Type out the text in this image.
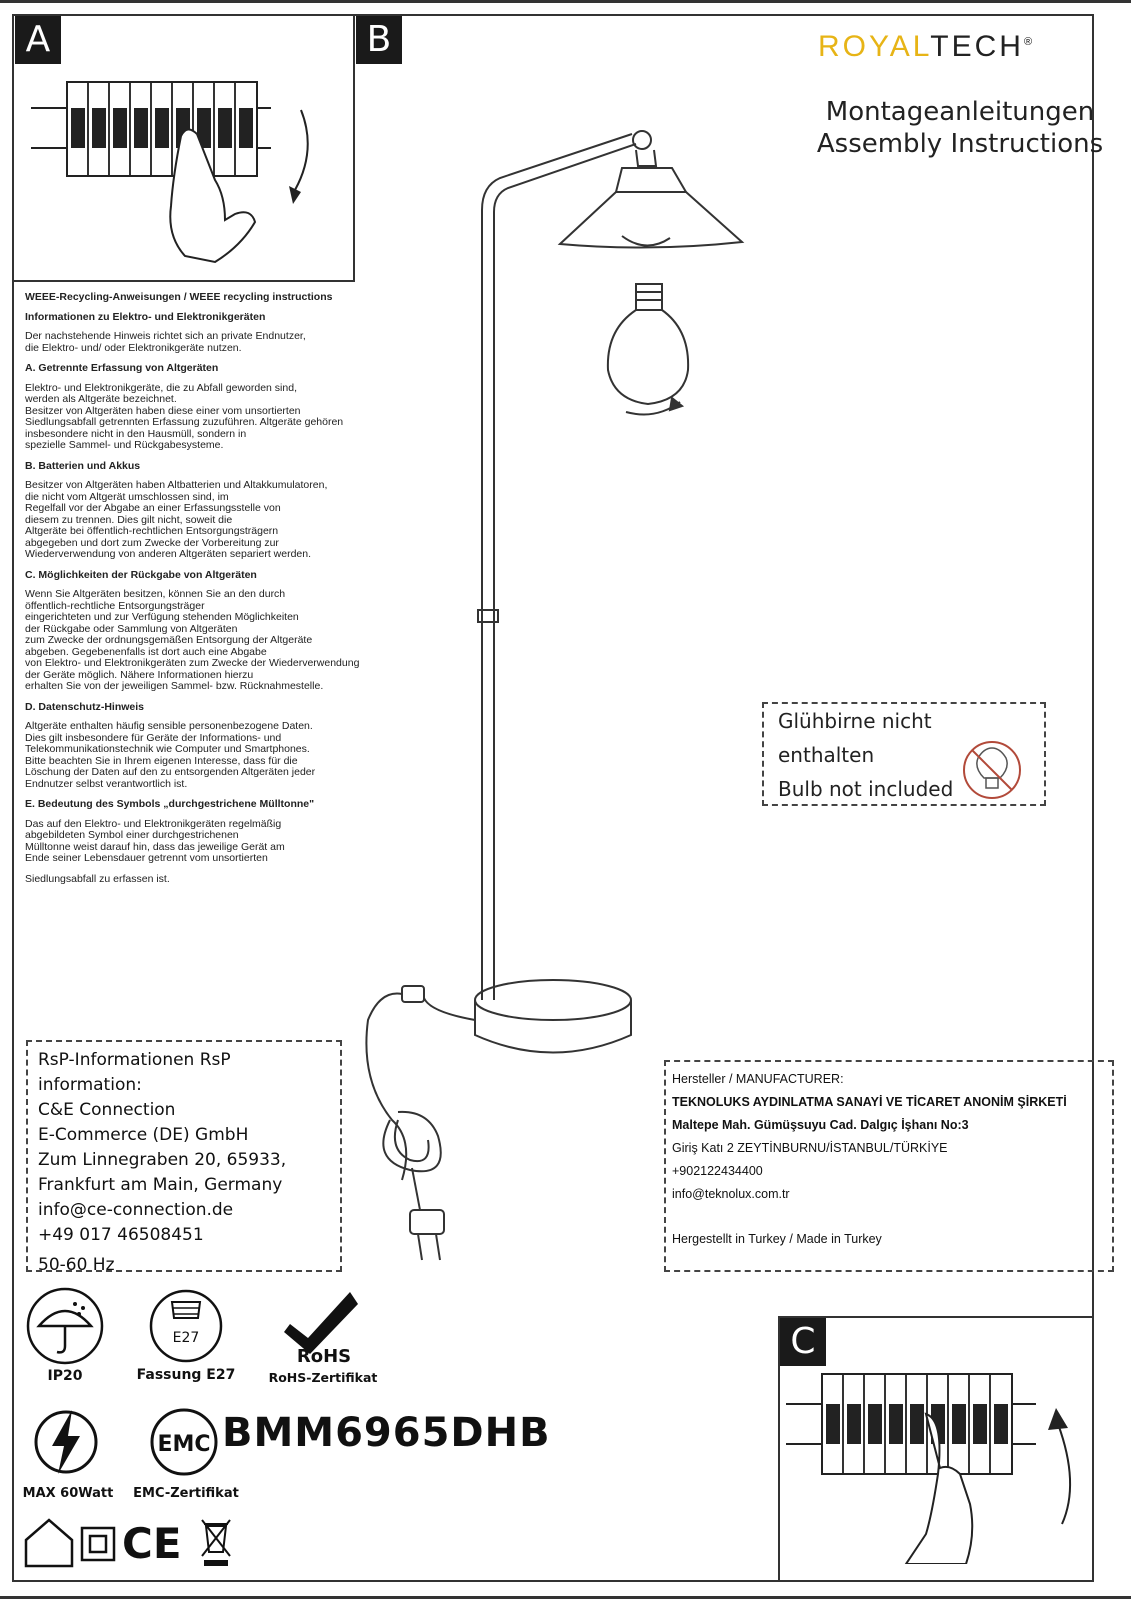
A	B	ROYALTECH®
Montageanleitungen
Assembly Instructions
WEEE-Recycling-Anweisungen / WEEE recycling instructions
Informationen zu Elektro- und Elektronikgeräten
Der nachstehende Hinweis richtet sich an private Endnutzer,
die Elektro- und/ oder Elektronikgeräte nutzen.
A. Getrennte Erfassung von Altgeräten
Elektro- und Elektronikgeräte, die zu Abfall geworden sind,
werden als Altgeräte bezeichnet.
Besitzer von Altgeräten haben diese einer vom unsortierten
Siedlungsabfall getrennten Erfassung zuzuführen. Altgeräte gehören
insbesondere nicht in den Hausmüll, sondern in
spezielle Sammel- und Rückgabesysteme.
B. Batterien und Akkus
Besitzer von Altgeräten haben Altbatterien und Altakkumulatoren,
die nicht vom Altgerät umschlossen sind, im
Regelfall vor der Abgabe an einer Erfassungsstelle von
diesem zu trennen. Dies gilt nicht, soweit die
Altgeräte bei öffentlich-rechtlichen Entsorgungsträgern
abgegeben und dort zum Zwecke der Vorbereitung zur
Wiederverwendung von anderen Altgeräten separiert werden.
C. Möglichkeiten der Rückgabe von Altgeräten
Wenn Sie Altgeräten besitzen, können Sie an den durch
öffentlich-rechtliche Entsorgungsträger
eingerichteten und zur Verfügung stehenden Möglichkeiten
der Rückgabe oder Sammlung von Altgeräten
zum Zwecke der ordnungsgemäßen Entsorgung der Altgeräte
abgeben. Gegebenenfalls ist dort auch eine Abgabe
von Elektro- und Elektronikgeräten zum Zwecke der Wiederverwendung
der Geräte möglich. Nähere Informationen hierzu
erhalten Sie von der jeweiligen Sammel- bzw. Rücknahmestelle.
D. Datenschutz-Hinweis
Altgeräte enthalten häufig sensible personenbezogene Daten.
Dies gilt insbesondere für Geräte der Informations- und
Telekommunikationstechnik wie Computer und Smartphones.
Bitte beachten Sie in Ihrem eigenen Interesse, dass für die
Löschung der Daten auf den zu entsorgenden Altgeräten jeder
Endnutzer selbst verantwortlich ist.
E. Bedeutung des Symbols „durchgestrichene Mülltonne"
Das auf den Elektro- und Elektronikgeräten regelmäßig
abgebildeten Symbol einer durchgestrichenen
Mülltonne weist darauf hin, dass das jeweilige Gerät am
Ende seiner Lebensdauer getrennt vom unsortierten
Siedlungsabfall zu erfassen ist.
Glühbirne nicht enthalten
Bulb not included
RsP-Informationen RsP information:
C&E Connection
E-Commerce (DE) GmbH
Zum Linnegraben 20, 65933,
Frankfurt am Main, Germany
info@ce-connection.de
+49 017 46508451
50-60 Hz
Hersteller / MANUFACTURER:
TEKNOLUKS AYDINLATMA SANAYİ VE TİCARET ANONİM ŞİRKETİ
Maltepe Mah. Gümüşsuyu Cad. Dalgıç İşhanı No:3
Giriş Katı 2 ZEYTİNBURNU/İSTANBUL/TÜRKİYE
+902122434400
info@teknolux.com.tr
Hergestellt in Turkey / Made in Turkey
C
IP20
E27
Fassung E27
RoHS
RoHS-Zertifikat
MAX 60Watt
EMC
EMC-Zertifikat
BMM6965DHB
CE
